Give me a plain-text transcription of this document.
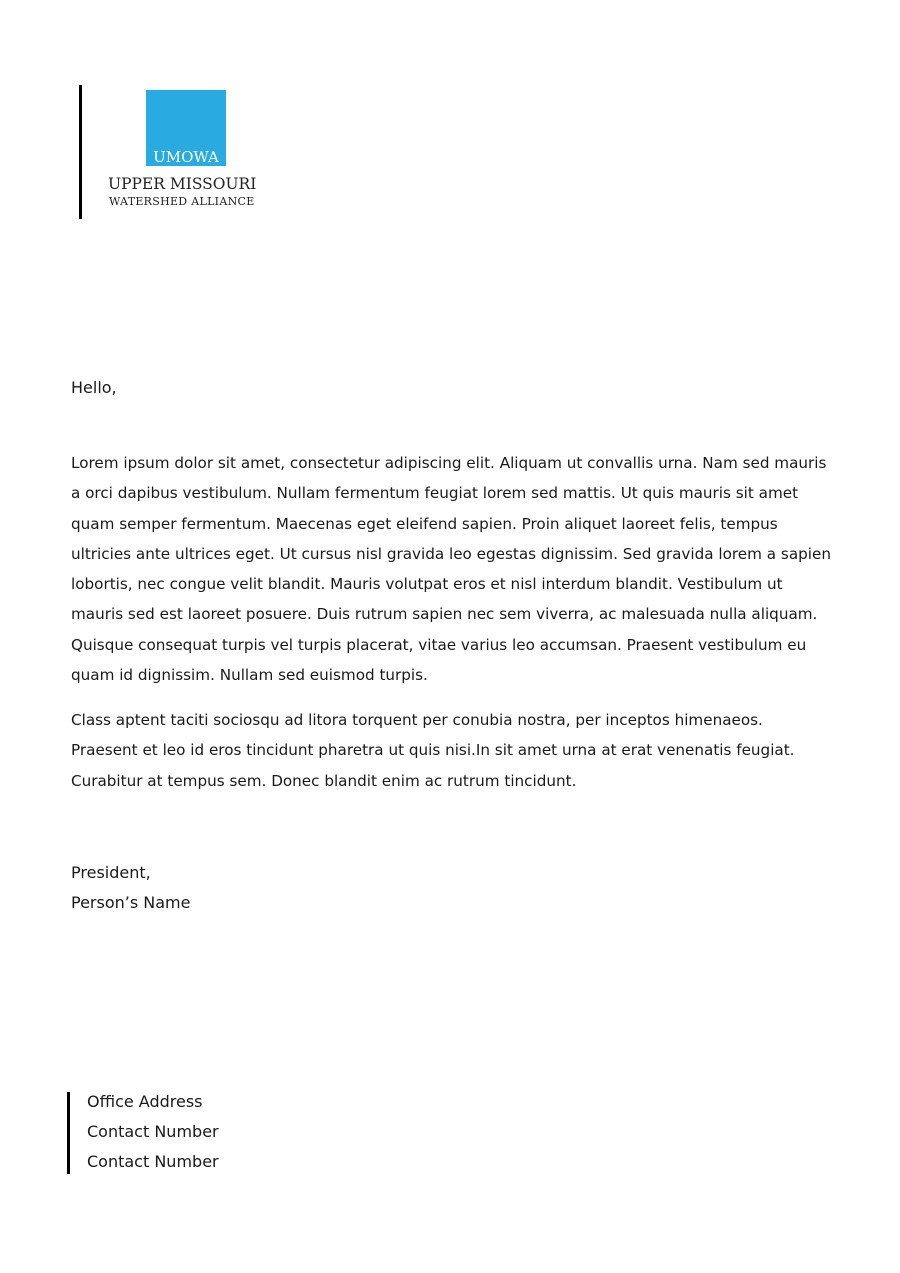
UMOWA
UPPER MISSOURI
WATERSHED ALLIANCE

Hello,

Lorem ipsum dolor sit amet, consectetur adipiscing elit. Aliquam ut convallis urna. Nam sed mauris a orci dapibus vestibulum. Nullam fermentum feugiat lorem sed mattis. Ut quis mauris sit amet quam semper fermentum. Maecenas eget eleifend sapien. Proin aliquet laoreet felis, tempus ultricies ante ultrices eget. Ut cursus nisl gravida leo egestas dignissim. Sed gravida lorem a sapien lobortis, nec congue velit blandit. Mauris volutpat eros et nisl interdum blandit. Vestibulum ut mauris sed est laoreet posuere. Duis rutrum sapien nec sem viverra, ac malesuada nulla aliquam. Quisque consequat turpis vel turpis placerat, vitae varius leo accumsan. Praesent vestibulum eu quam id dignissim. Nullam sed euismod turpis.

Class aptent taciti sociosqu ad litora torquent per conubia nostra, per inceptos himenaeos. Praesent et leo id eros tincidunt pharetra ut quis nisi.In sit amet urna at erat venenatis feugiat. Curabitur at tempus sem. Donec blandit enim ac rutrum tincidunt.

President,
Person’s Name
Office Address
Contact Number
Contact Number
